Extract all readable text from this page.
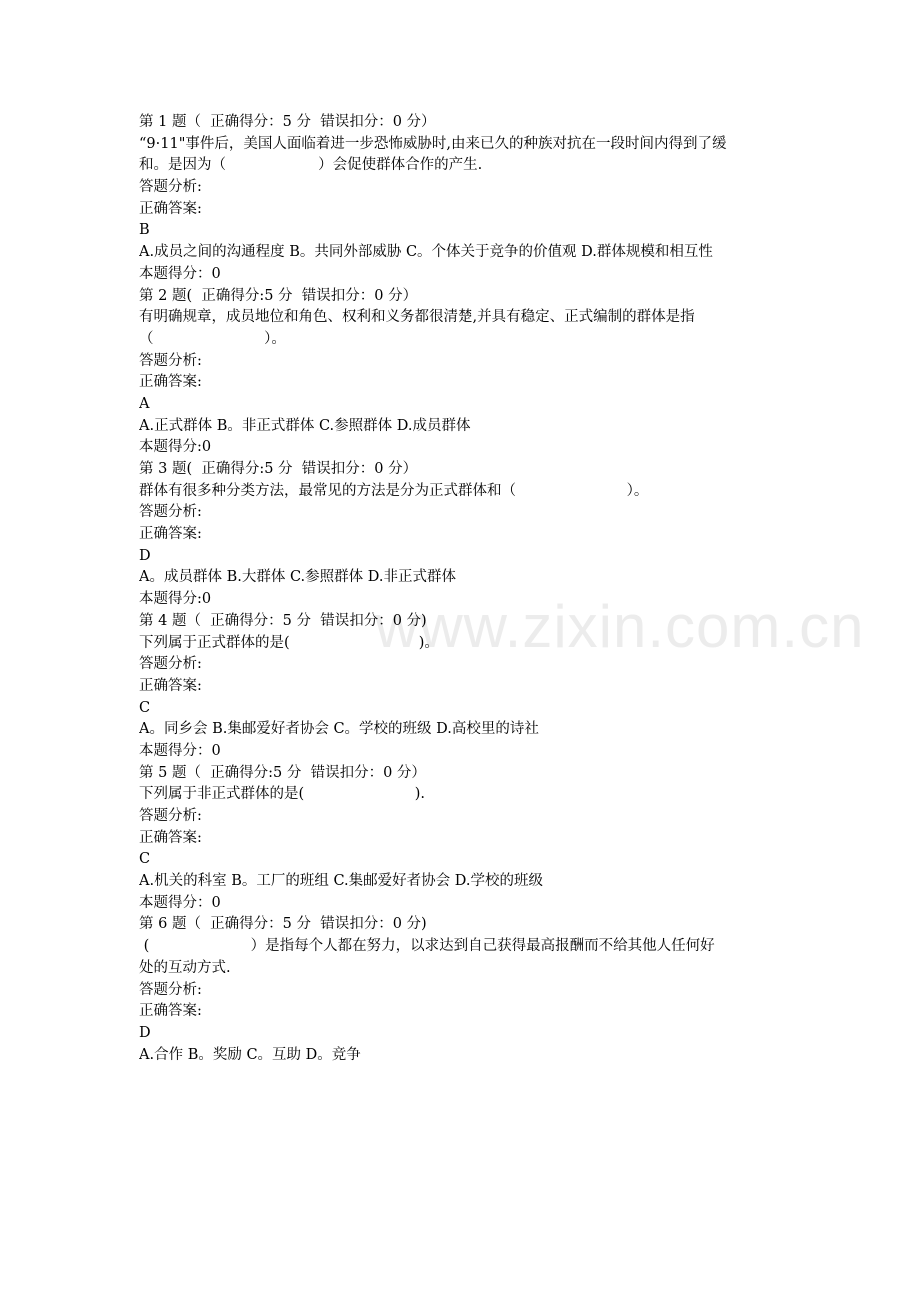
www.zixin.com.cn
第 1 题（  正确得分：5 分  错误扣分：0 分）
“9·11"事件后，美国人面临着进一步恐怖威胁时,由来已久的种族对抗在一段时间内得到了缓
和。是因为（                    ）会促使群体合作的产生.
答题分析:
正确答案:
B
A.成员之间的沟通程度 B。共同外部威胁 C。个体关于竞争的价值观 D.群体规模和相互性
本题得分：0
第 2 题(  正确得分:5 分  错误扣分：0 分）
有明确规章，成员地位和角色、权利和义务都很清楚,并具有稳定、正式编制的群体是指
（                        ）。
答题分析:
正确答案:
A
A.正式群体 B。非正式群体 C.参照群体 D.成员群体
本题得分:0
第 3 题(  正确得分:5 分  错误扣分：0 分）
群体有很多种分类方法，最常见的方法是分为正式群体和（                        ）。
答题分析:
正确答案:
D
A。成员群体 B.大群体 C.参照群体 D.非正式群体
本题得分:0
第 4 题（  正确得分：5 分  错误扣分：0 分)
下列属于正式群体的是(                            )。
答题分析:
正确答案:
C
A。同乡会 B.集邮爱好者协会 C。学校的班级 D.高校里的诗社
本题得分：0
第 5 题（  正确得分:5 分  错误扣分：0 分）
下列属于非正式群体的是(                        ).
答题分析:
正确答案:
C
A.机关的科室 B。工厂的班组 C.集邮爱好者协会 D.学校的班级
本题得分：0
第 6 题（  正确得分：5 分  错误扣分：0 分)
(                      ）是指每个人都在努力，以求达到自己获得最高报酬而不给其他人任何好
处的互动方式.
答题分析:
正确答案:
D
A.合作 B。奖励 C。互助 D。竞争
